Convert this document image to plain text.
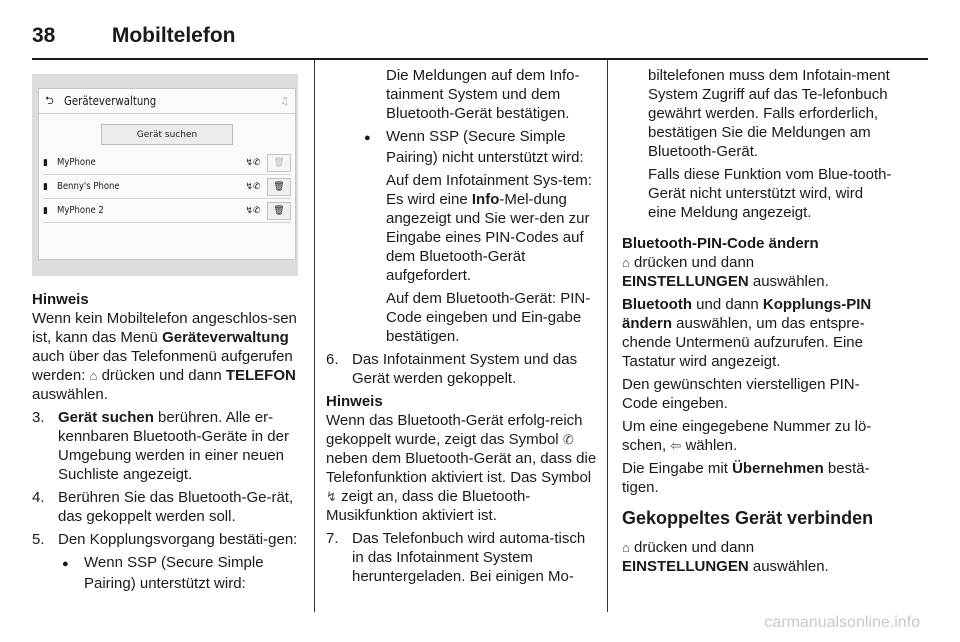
38	Mobiltelefon
⮌ Geräteverwaltung	♫
Gerät suchen
▮ MyPhone	↯✆	🗑
▮ Benny's Phone	↯✆	🗑
▮ MyPhone 2	↯✆	🗑
Hinweis

Wenn kein Mobiltelefon angeschlos-sen ist, kann das Menü Geräteverwaltung auch über das Telefonmenü aufgerufen werden: ⌂ drücken und dann TELEFON auswählen.

3. Gerät suchen berühren. Alle er-kennbaren Bluetooth-Geräte in der Umgebung werden in einer neuen Suchliste angezeigt.
4. Berühren Sie das Bluetooth-Ge-rät, das gekoppelt werden soll.
5. Den Kopplungsvorgang bestäti-gen:
● Wenn SSP (Secure Simple Pairing) unterstützt wird:

Die Meldungen auf dem Info-tainment System und dem Bluetooth-Gerät bestätigen.

● Wenn SSP (Secure Simple Pairing) nicht unterstützt wird:

Auf dem Infotainment Sys-tem: Es wird eine Info-Mel-dung angezeigt und Sie wer-den zur Eingabe eines PIN-Codes auf dem Bluetooth-Gerät aufgefordert.

Auf dem Bluetooth-Gerät: PIN-Code eingeben und Ein-gabe bestätigen.

6. Das Infotainment System und das Gerät werden gekoppelt.
Hinweis

Wenn das Bluetooth-Gerät erfolg-reich gekoppelt wurde, zeigt das Symbol ✆ neben dem Bluetooth-Gerät an, dass die Telefonfunktion aktiviert ist. Das Symbol ↯ zeigt an, dass die Bluetooth-Musikfunktion aktiviert ist.

7. Das Telefonbuch wird automa-tisch in das Infotainment System heruntergeladen. Bei einigen Mo-

biltelefonen muss dem Infotain-ment System Zugriff auf das Te-lefonbuch gewährt werden. Falls erforderlich, bestätigen Sie die Meldungen am Bluetooth-Gerät.

Falls diese Funktion vom Blue-tooth-Gerät nicht unterstützt wird, wird eine Meldung angezeigt.

Bluetooth-PIN-Code ändern

⌂ drücken und dann
EINSTELLUNGEN auswählen.

Bluetooth und dann Kopplungs-PIN ändern auswählen, um das entspre-chende Untermenü aufzurufen. Eine Tastatur wird angezeigt.

Den gewünschten vierstelligen PIN-Code eingeben.

Um eine eingegebene Nummer zu lö-schen, ⇦ wählen.

Die Eingabe mit Übernehmen bestä-tigen.

Gekoppeltes Gerät verbinden

⌂ drücken und dann
EINSTELLUNGEN auswählen.

carmanualsonline.info
